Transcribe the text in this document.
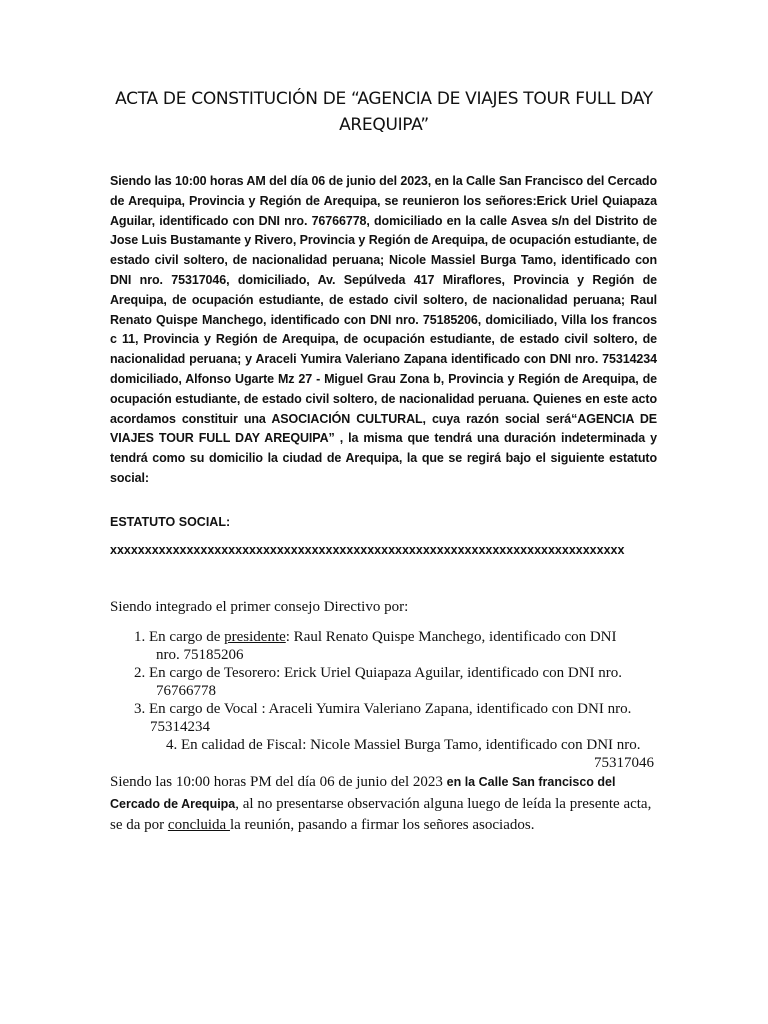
ACTA DE CONSTITUCIÓN DE “AGENCIA DE VIAJES TOUR FULL DAY
AREQUIPA”
Siendo las 10:00 horas AM del día 06 de junio del 2023, en la Calle San Francisco del Cercado de Arequipa, Provincia y Región de Arequipa, se reunieron los señores:Erick Uriel Quiapaza Aguilar, identificado con DNI nro. 76766778, domiciliado en la calle Asvea s/n del Distrito de Jose Luis Bustamante y Rivero, Provincia y Región de Arequipa, de ocupación estudiante, de estado civil soltero, de nacionalidad peruana; Nicole Massiel Burga Tamo, identificado con DNI nro. 75317046, domiciliado, Av. Sepúlveda 417 Miraflores, Provincia y Región de Arequipa, de ocupación estudiante, de estado civil soltero, de nacionalidad peruana; Raul Renato Quispe Manchego, identificado con DNI nro. 75185206, domiciliado, Villa los francos c 11, Provincia y Región de Arequipa, de ocupación estudiante, de estado civil soltero, de nacionalidad peruana; y Araceli Yumira Valeriano Zapana identificado con DNI nro. 75314234 domiciliado, Alfonso Ugarte Mz 27 - Miguel Grau Zona b, Provincia y Región de Arequipa, de ocupación estudiante, de estado civil soltero, de nacionalidad peruana. Quienes en este acto acordamos constituir una ASOCIACIÓN CULTURAL, cuya razón social será“AGENCIA DE VIAJES TOUR FULL DAY AREQUIPA” , la misma que tendrá una duración indeterminada y tendrá como su domicilio la ciudad de Arequipa, la que se regirá bajo el siguiente estatuto social:
ESTATUTO SOCIAL:
xxxxxxxxxxxxxxxxxxxxxxxxxxxxxxxxxxxxxxxxxxxxxxxxxxxxxxxxxxxxxxxxxxxxxxxxxx
Siendo integrado el primer consejo Directivo por:
1. En cargo de presidente: Raul Renato Quispe Manchego, identificado con DNI
nro. 75185206
2. En cargo de Tesorero: Erick Uriel Quiapaza Aguilar, identificado con DNI nro.
76766778
3. En cargo de Vocal : Araceli Yumira Valeriano Zapana, identificado con DNI nro.
75314234
4. En calidad de Fiscal: Nicole Massiel Burga Tamo, identificado con DNI nro.
75317046
Siendo las 10:00 horas PM del día 06 de junio del 2023 en la Calle San francisco del Cercado de Arequipa, al no presentarse observación alguna luego de leída la presente acta, se da por concluida la reunión, pasando a firmar los señores asociados.
